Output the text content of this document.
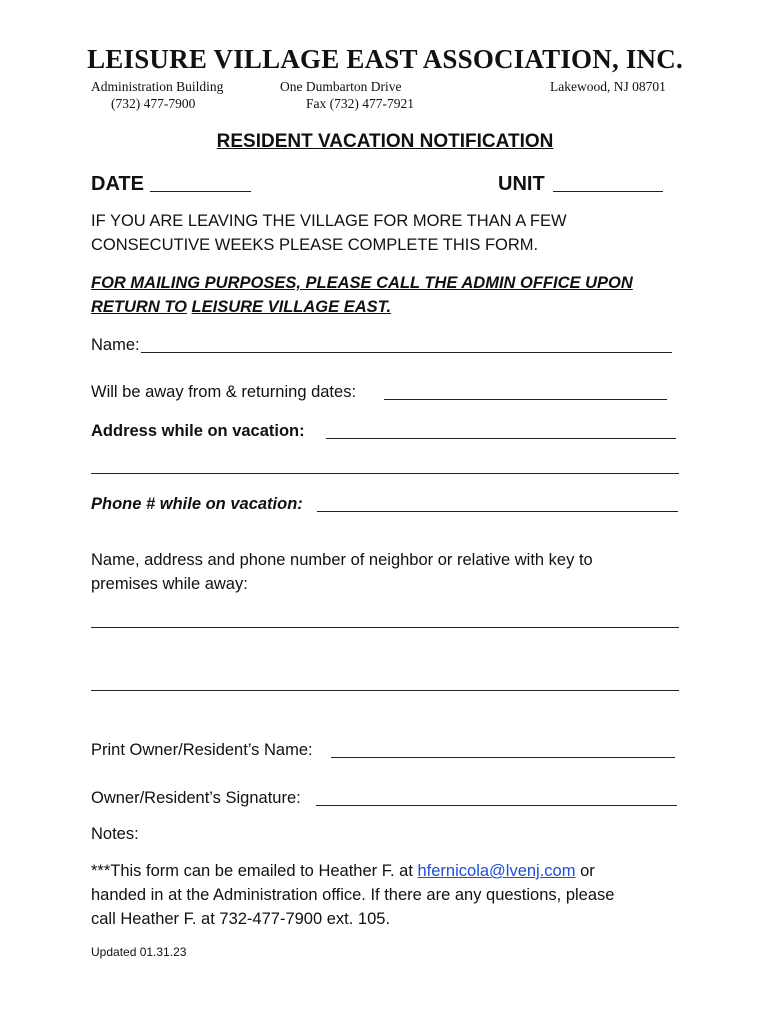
LEISURE VILLAGE EAST ASSOCIATION, INC.
Administration Building
(732) 477-7900
One Dumbarton Drive
Fax (732) 477-7921
Lakewood, NJ 08701
RESIDENT VACATION NOTIFICATION
DATE	UNIT
IF YOU ARE LEAVING THE VILLAGE FOR MORE THAN A FEW
CONSECUTIVE WEEKS PLEASE COMPLETE THIS FORM.
FOR MAILING PURPOSES, PLEASE CALL THE ADMIN OFFICE UPON
RETURN TO LEISURE VILLAGE EAST.
Name:
Will be away from & returning dates:
Address while on vacation:
Phone # while on vacation:
Name, address and phone number of neighbor or relative with key to
premises while away:
Print Owner/Resident’s Name:
Owner/Resident’s Signature:
Notes:
***This form can be emailed to Heather F. at hfernicola@lvenj.com or
handed in at the Administration office. If there are any questions, please
call Heather F. at 732-477-7900 ext. 105.
Updated 01.31.23
